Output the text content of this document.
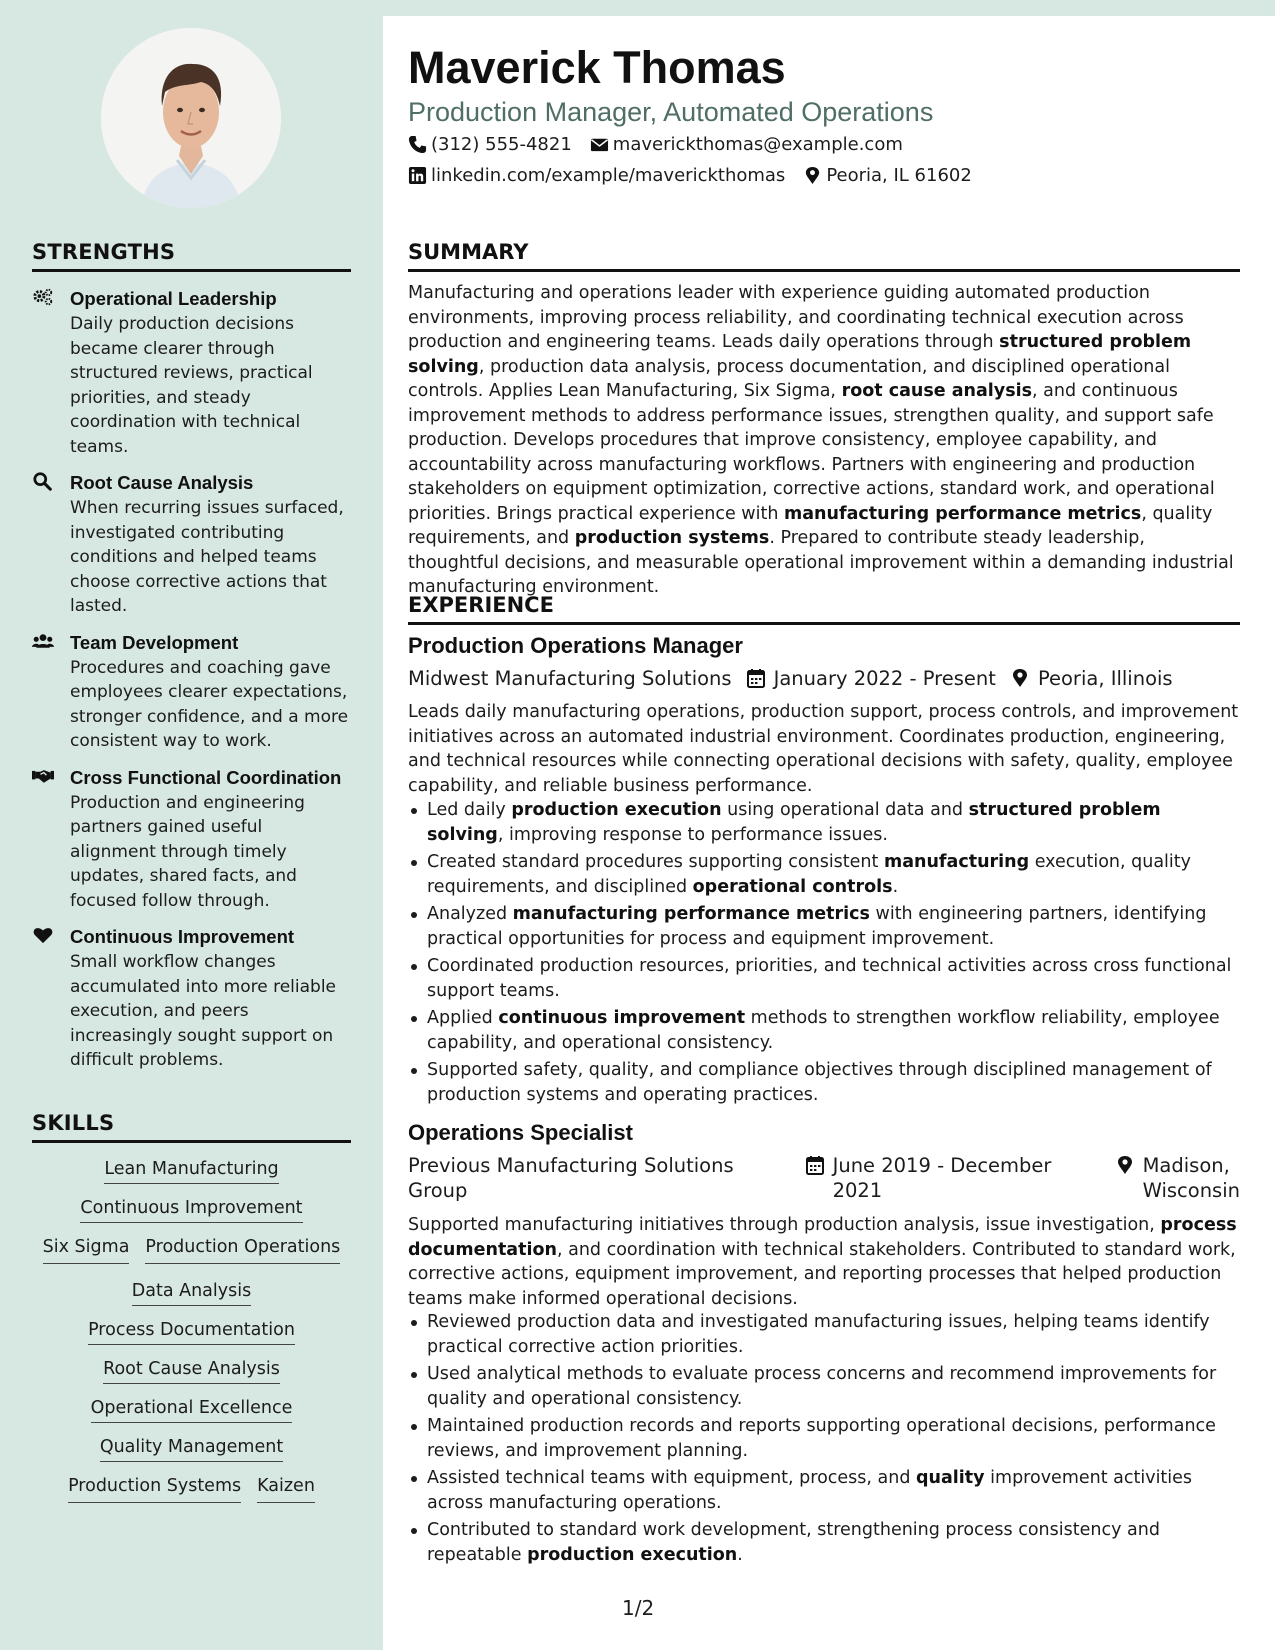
STRENGTHS
Operational Leadership
Daily production decisions became clearer through structured reviews, practical priorities, and steady coordination with technical teams.
Root Cause Analysis
When recurring issues surfaced, investigated contributing conditions and helped teams choose corrective actions that lasted.
Team Development
Procedures and coaching gave employees clearer expectations, stronger confidence, and a more consistent way to work.
Cross Functional Coordination
Production and engineering partners gained useful alignment through timely updates, shared facts, and focused follow through.
Continuous Improvement
Small workflow changes accumulated into more reliable execution, and peers increasingly sought support on difficult problems.
SKILLS
Lean Manufacturing
Continuous Improvement
Six Sigma Production Operations
Data Analysis
Process Documentation
Root Cause Analysis
Operational Excellence
Quality Management
Production Systems Kaizen
Maverick Thomas
Production Manager, Automated Operations
(312) 555-4821 maverickthomas@example.com
linkedin.com/example/maverickthomas Peoria, IL 61602
SUMMARY
Manufacturing and operations leader with experience guiding automated production environments, improving process reliability, and coordinating technical execution across production and engineering teams. Leads daily operations through structured problem solving, production data analysis, process documentation, and disciplined operational controls. Applies Lean Manufacturing, Six Sigma, root cause analysis, and continuous improvement methods to address performance issues, strengthen quality, and support safe production. Develops procedures that improve consistency, employee capability, and accountability across manufacturing workflows. Partners with engineering and production stakeholders on equipment optimization, corrective actions, standard work, and operational priorities. Brings practical experience with manufacturing performance metrics, quality requirements, and production systems. Prepared to contribute steady leadership, thoughtful decisions, and measurable operational improvement within a demanding industrial manufacturing environment.
EXPERIENCE
Production Operations Manager
Midwest Manufacturing Solutions January 2022 - Present Peoria, Illinois
Leads daily manufacturing operations, production support, process controls, and improvement initiatives across an automated industrial environment. Coordinates production, engineering, and technical resources while connecting operational decisions with safety, quality, employee capability, and reliable business performance.
Led daily production execution using operational data and structured problem solving, improving response to performance issues.
Created standard procedures supporting consistent manufacturing execution, quality requirements, and disciplined operational controls.
Analyzed manufacturing performance metrics with engineering partners, identifying practical opportunities for process and equipment improvement.
Coordinated production resources, priorities, and technical activities across cross functional support teams.
Applied continuous improvement methods to strengthen workflow reliability, employee capability, and operational consistency.
Supported safety, quality, and compliance objectives through disciplined management of production systems and operating practices.
Operations Specialist
Previous Manufacturing Solutions Group
June 2019 - December 2021
Madison,
Wisconsin
Supported manufacturing initiatives through production analysis, issue investigation, process documentation, and coordination with technical stakeholders. Contributed to standard work, corrective actions, equipment improvement, and reporting processes that helped production teams make informed operational decisions.
Reviewed production data and investigated manufacturing issues, helping teams identify practical corrective action priorities.
Used analytical methods to evaluate process concerns and recommend improvements for quality and operational consistency.
Maintained production records and reports supporting operational decisions, performance reviews, and improvement planning.
Assisted technical teams with equipment, process, and quality improvement activities across manufacturing operations.
Contributed to standard work development, strengthening process consistency and repeatable production execution.
1/2
